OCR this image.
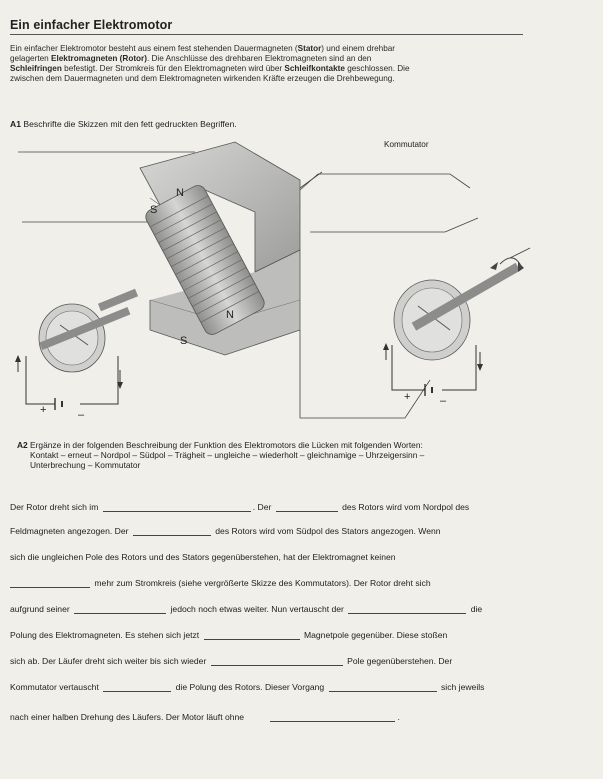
Ein einfacher Elektromotor
Ein einfacher Elektromotor besteht aus einem fest stehenden Dauermagneten (Stator) und einem drehbar
gelagerten Elektromagneten (Rotor). Die Anschlüsse des drehbaren Elektromagneten sind an den
Schleifringen befestigt. Der Stromkreis für den Elektromagneten wird über Schleifkontakte geschlossen. Die
zwischen dem Dauermagneten und dem Elektromagneten wirkenden Kräfte erzeugen die Drehbewegung.
A1 Beschrifte die Skizzen mit den fett gedruckten Begriffen.
Kommutator
N
S
N
S
+	–
+	–
A2 Ergänze in der folgenden Beschreibung der Funktion des Elektromotors die Lücken mit folgenden Worten:

Kontakt – erneut – Nordpol – Südpol – Trägheit – ungleiche – wiederholt – gleichnamige – Uhrzeigersinn –
Unterbrechung – Kommutator
Der Rotor dreht sich im	. Der	des Rotors wird vom Nordpol des
Feldmagneten angezogen. Der	des Rotors wird vom Südpol des Stators angezogen. Wenn
sich die ungleichen Pole des Rotors und des Stators gegenüberstehen, hat der Elektromagnet keinen
mehr zum Stromkreis (siehe vergrößerte Skizze des Kommutators). Der Rotor dreht sich
aufgrund seiner	jedoch noch etwas weiter. Nun vertauscht der	die
Polung des Elektromagneten. Es stehen sich jetzt	Magnetpole gegenüber. Diese stoßen
sich ab. Der Läufer dreht sich weiter bis sich wieder	Pole gegenüberstehen. Der
Kommutator vertauscht	die Polung des Rotors. Dieser Vorgang	sich jeweils
nach einer halben Drehung des Läufers. Der Motor läuft ohne	.
